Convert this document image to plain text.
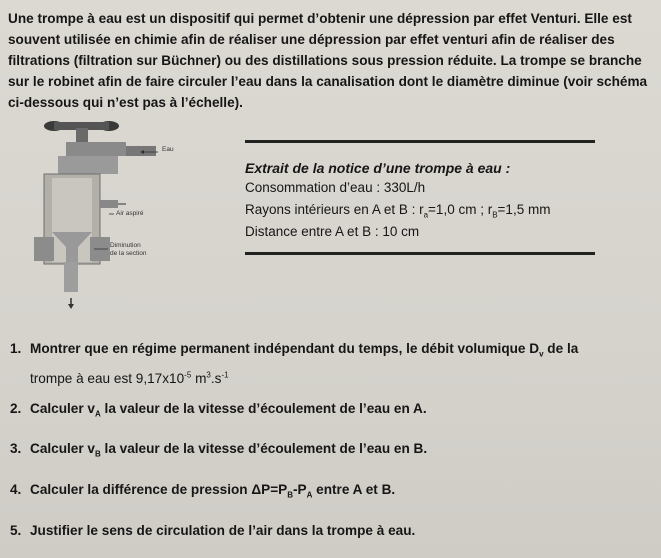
Une trompe à eau est un dispositif qui permet d’obtenir une dépression par effet Venturi. Elle est souvent utilisée en chimie afin de réaliser une dépression par effet venturi afin de réaliser des filtrations (filtration sur Büchner) ou des distillations sous pression réduite. La trompe se branche sur le robinet afin de faire circuler l’eau dans la canalisation dont le diamètre diminue (voir schéma ci-dessous qui n’est pas à l’échelle).
Eau
Air aspiré
Diminution
de la section
Extrait de la notice d’une trompe à eau :
Consommation d’eau : 330L/h
Rayons intérieurs en A et B : $r_a=1,0$ cm ; $r_B=1,5$ mm
Distance entre A et B : 10 cm
1. Montrer que en régime permanent indépendant du temps, le débit volumique $D_v$ de la
trompe à eau est $9,17x10^{-5}$ $m^3.s^{-1}$
2. Calculer $v_A$ la valeur de la vitesse d’écoulement de l’eau en A.
3. Calculer $v_B$ la valeur de la vitesse d’écoulement de l’eau en B.
4. Calculer la différence de pression $\Delta P=P_B-P_A$ entre A et B.
5. Justifier le sens de circulation de l’air dans la trompe à eau.
